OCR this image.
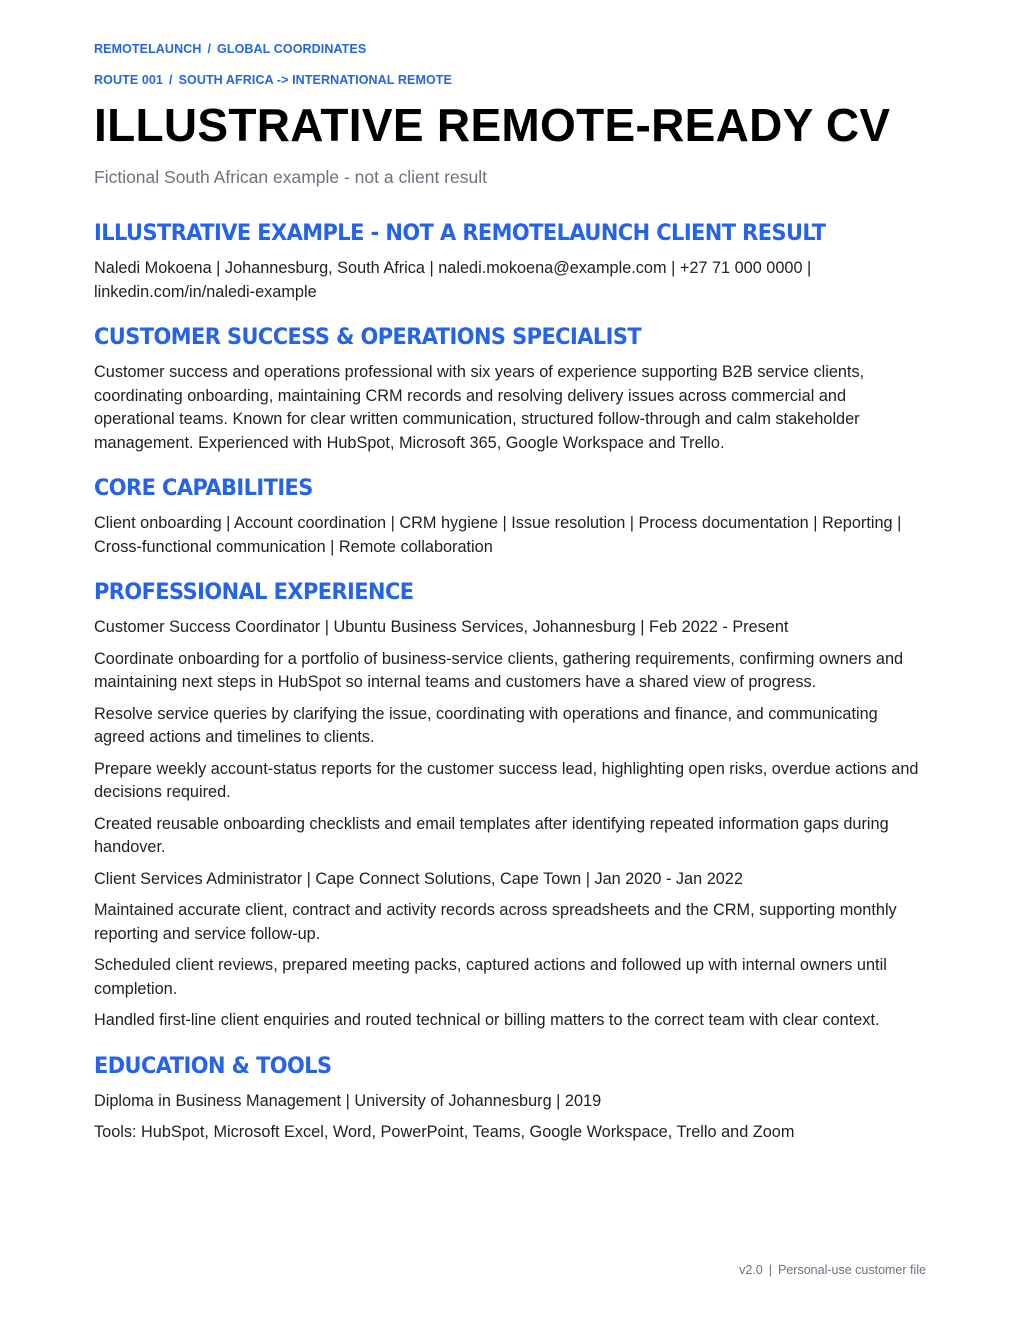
REMOTELAUNCH / GLOBAL COORDINATES
ROUTE 001 / SOUTH AFRICA -> INTERNATIONAL REMOTE
ILLUSTRATIVE REMOTE-READY CV
Fictional South African example - not a client result
ILLUSTRATIVE EXAMPLE - NOT A REMOTELAUNCH CLIENT RESULT

Naledi Mokoena | Johannesburg, South Africa | naledi.mokoena@example.com | +27 71 000 0000 | linkedin.com/in/naledi-example

CUSTOMER SUCCESS & OPERATIONS SPECIALIST

Customer success and operations professional with six years of experience supporting B2B service clients, coordinating onboarding, maintaining CRM records and resolving delivery issues across commercial and operational teams. Known for clear written communication, structured follow-through and calm stakeholder management. Experienced with HubSpot, Microsoft 365, Google Workspace and Trello.

CORE CAPABILITIES

Client onboarding | Account coordination | CRM hygiene | Issue resolution | Process documentation | Reporting | Cross-functional communication | Remote collaboration

PROFESSIONAL EXPERIENCE

Customer Success Coordinator | Ubuntu Business Services, Johannesburg | Feb 2022 - Present

Coordinate onboarding for a portfolio of business-service clients, gathering requirements, confirming owners and maintaining next steps in HubSpot so internal teams and customers have a shared view of progress.

Resolve service queries by clarifying the issue, coordinating with operations and finance, and communicating agreed actions and timelines to clients.

Prepare weekly account-status reports for the customer success lead, highlighting open risks, overdue actions and decisions required.

Created reusable onboarding checklists and email templates after identifying repeated information gaps during handover.

Client Services Administrator | Cape Connect Solutions, Cape Town | Jan 2020 - Jan 2022

Maintained accurate client, contract and activity records across spreadsheets and the CRM, supporting monthly reporting and service follow-up.

Scheduled client reviews, prepared meeting packs, captured actions and followed up with internal owners until completion.

Handled first-line client enquiries and routed technical or billing matters to the correct team with clear context.

EDUCATION & TOOLS

Diploma in Business Management | University of Johannesburg | 2019

Tools: HubSpot, Microsoft Excel, Word, PowerPoint, Teams, Google Workspace, Trello and Zoom

v2.0 | Personal-use customer file
